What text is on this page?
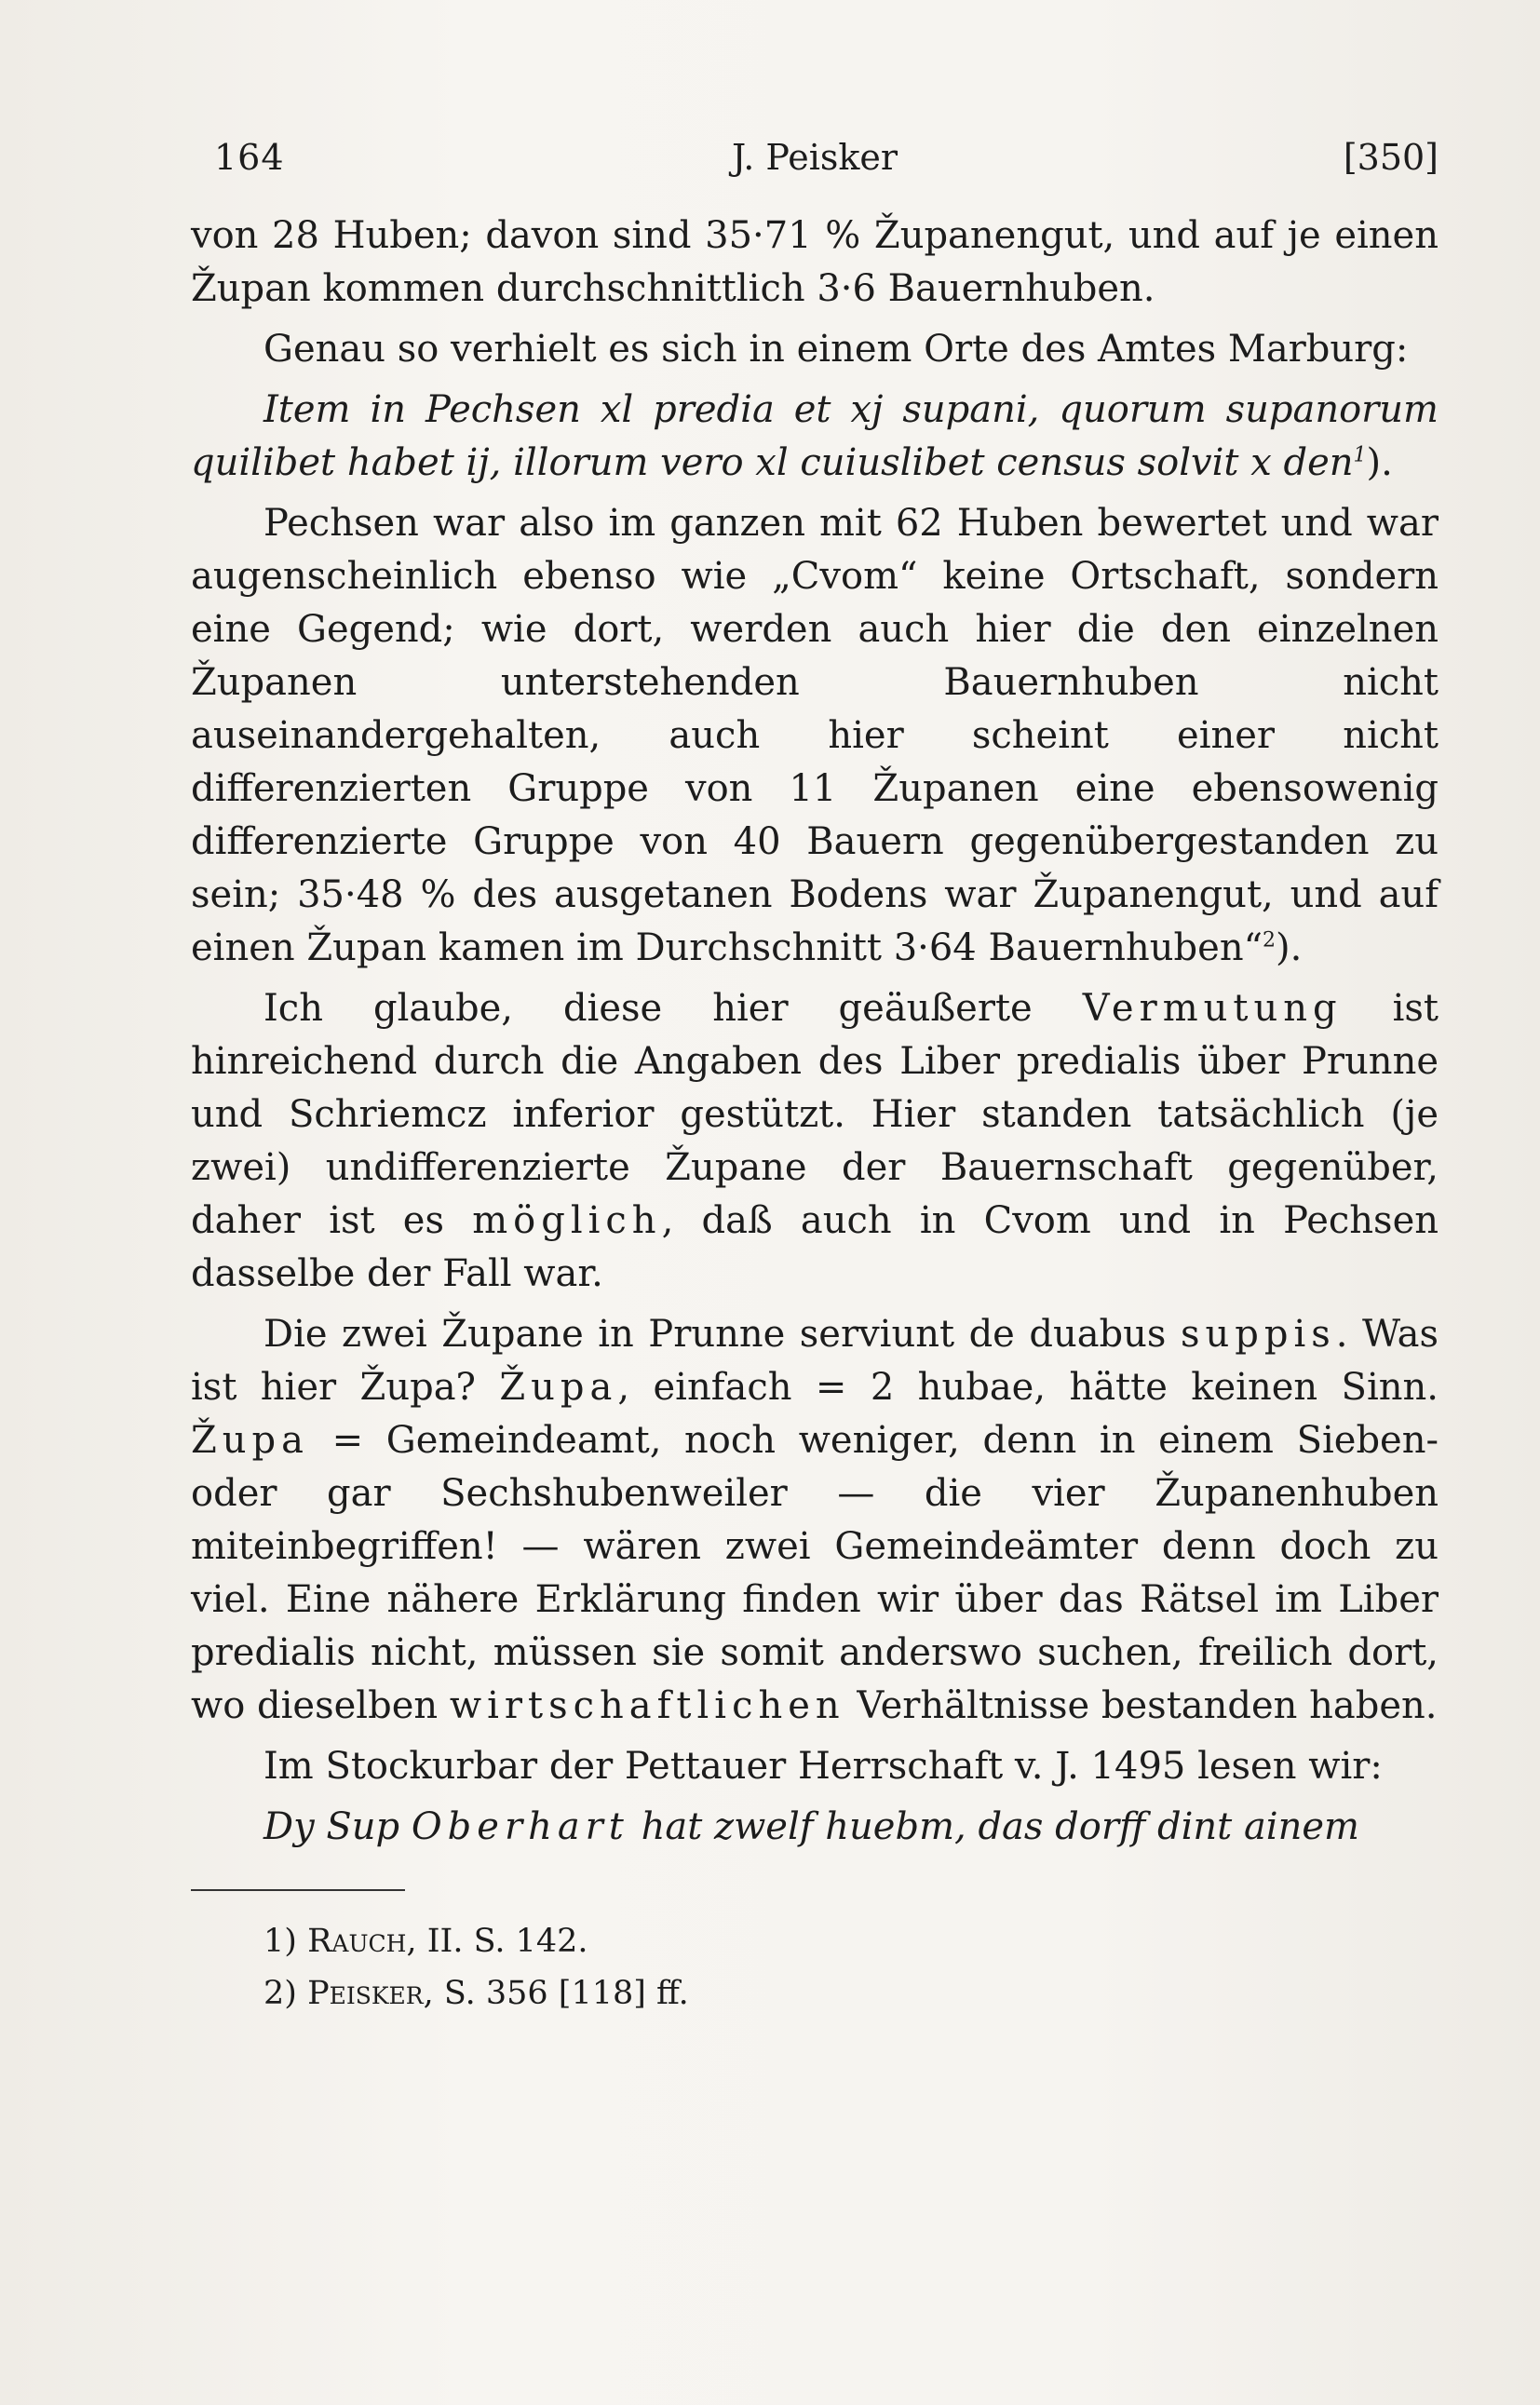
164	J. Peisker	[350]

von 28 Huben; davon sind 35·71 % Županengut, und auf je einen Župan kommen durchschnittlich 3·6 Bauernhuben.

Genau so verhielt es sich in einem Orte des Amtes Marburg:

Item in Pechsen xl predia et xj supani, quorum supanorum quilibet habet ij, illorum vero xl cuiuslibet census solvit x den$^1$).

Pechsen war also im ganzen mit 62 Huben bewertet und war augenscheinlich ebenso wie „Cvom“ keine Ortschaft, sondern eine Gegend; wie dort, werden auch hier die den einzelnen Županen unterstehenden Bauernhuben nicht auseinandergehalten, auch hier scheint einer nicht differenzierten Gruppe von 11 Županen eine ebensowenig differenzierte Gruppe von 40 Bauern gegenübergestanden zu sein; 35·48 % des ausgetanen Bodens war Županengut, und auf einen Župan kamen im Durchschnitt 3·64 Bauernhuben“$^2$).

Ich glaube, diese hier geäußerte Vermutung ist hinreichend durch die Angaben des Liber predialis über Prunne und Schriemcz inferior gestützt. Hier standen tatsächlich (je zwei) undifferenzierte Župane der Bauernschaft gegenüber, daher ist es möglich, daß auch in Cvom und in Pechsen dasselbe der Fall war.

Die zwei Župane in Prunne serviunt de duabus suppis. Was ist hier Župa? Župa, einfach = 2 hubae, hätte keinen Sinn. Župa = Gemeindeamt, noch weniger, denn in einem Sieben- oder gar Sechshubenweiler — die vier Županenhuben miteinbegriffen! — wären zwei Gemeindeämter denn doch zu viel. Eine nähere Erklärung finden wir über das Rätsel im Liber predialis nicht, müssen sie somit anderswo suchen, freilich dort, wo dieselben wirtschaftlichen Verhältnisse bestanden haben.

Im Stockurbar der Pettauer Herrschaft v. J. 1495 lesen wir:

Dy Sup Oberhart hat zwelf huebm, das dorff dint ainem

1) Rauch, II. S. 142.

2) Peisker, S. 356 [118] ff.
